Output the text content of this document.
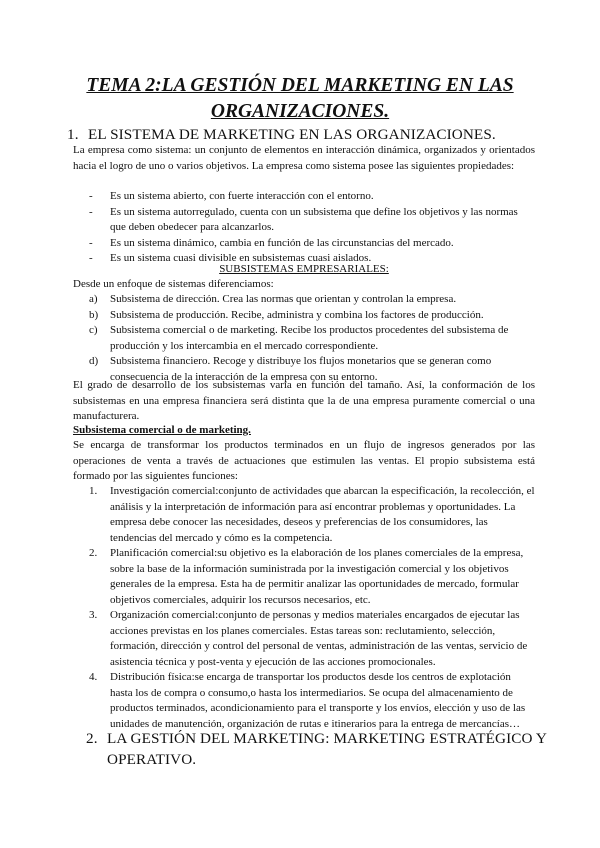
TEMA 2:LA GESTIÓN DEL MARKETING EN LAS
ORGANIZACIONES.
1. EL SISTEMA DE MARKETING EN LAS ORGANIZACIONES.

La empresa como sistema: un conjunto de elementos en interacción dinámica, organizados y orientados hacia el logro de uno o varios objetivos. La empresa como sistema posee las siguientes propiedades:

- Es un sistema abierto, con fuerte interacción con el entorno.
- Es un sistema autorregulado, cuenta con un subsistema que define los objetivos y las normas que deben obedecer para alcanzarlos.
- Es un sistema dinámico, cambia en función de las circunstancias del mercado.
- Es un sistema cuasi divisible en subsistemas cuasi aislados.

SUBSISTEMAS EMPRESARIALES:

Desde un enfoque de sistemas diferenciamos:

a) Subsistema de dirección. Crea las normas que orientan y controlan la empresa.
b) Subsistema de producción. Recibe, administra y combina los factores de producción.
c) Subsistema comercial o de marketing. Recibe los productos procedentes del subsistema de producción y los intercambia en el mercado correspondiente.
d) Subsistema financiero. Recoge y distribuye los flujos monetarios que se generan como consecuencia de la interacción de la empresa con su entorno.

El grado de desarrollo de los subsistemas varía en función del tamaño. Así, la conformación de los subsistemas en una empresa financiera será distinta que la de una empresa puramente comercial o una manufacturera.

Subsistema comercial o de marketing.

Se encarga de transformar los productos terminados en un flujo de ingresos generados por las operaciones de venta a través de actuaciones que estimulen las ventas. El propio subsistema está formado por las siguientes funciones:

1. Investigación comercial:conjunto de actividades que abarcan la especificación, la recolección, el análisis y la interpretación de información para así encontrar problemas y oportunidades. La empresa debe conocer las necesidades, deseos y preferencias de los consumidores, las tendencias del mercado y cómo es la competencia.
2. Planificación comercial:su objetivo es la elaboración de los planes comerciales de la empresa, sobre la base de la información suministrada por la investigación comercial y los objetivos generales de la empresa. Esta ha de permitir analizar las oportunidades de mercado, formular objetivos comerciales, adquirir los recursos necesarios, etc.
3. Organización comercial:conjunto de personas y medios materiales encargados de ejecutar las acciones previstas en los planes comerciales. Estas tareas son: reclutamiento, selección, formación, dirección y control del personal de ventas, administración de las ventas, servicio de asistencia técnica y post-venta y ejecución de las acciones promocionales.
4. Distribución física:se encarga de transportar los productos desde los centros de explotación hasta los de compra o consumo,o hasta los intermediarios. Se ocupa del almacenamiento de productos terminados, acondicionamiento para el transporte y los envíos, elección y uso de las unidades de manutención, organización de rutas e itinerarios para la entrega de mercancías…
2. LA GESTIÓN DEL MARKETING: MARKETING ESTRATÉGICO Y OPERATIVO.
